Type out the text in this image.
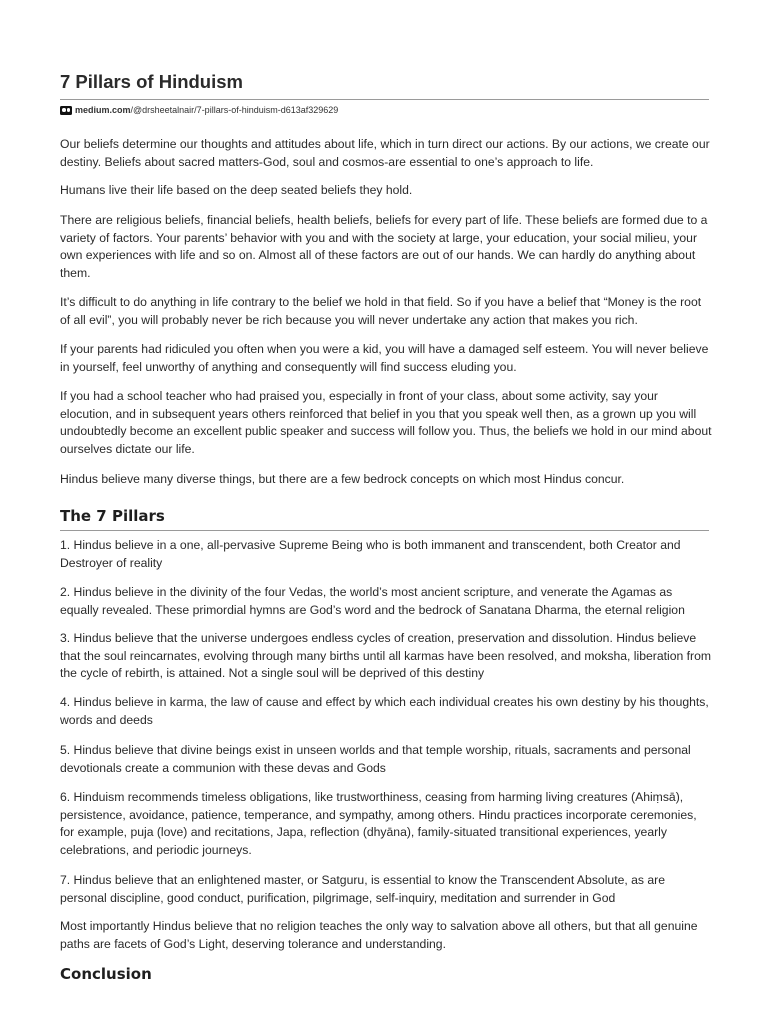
7 Pillars of Hinduism
medium.com /@drsheetalnair/7-pillars-of-hinduism-d613af329629

Our beliefs determine our thoughts and attitudes about life, which in turn direct our actions. By our actions, we create our destiny. Beliefs about sacred matters-God, soul and cosmos-are essential to one’s approach to life.

Humans live their life based on the deep seated beliefs they hold.

There are religious beliefs, financial beliefs, health beliefs, beliefs for every part of life. These beliefs are formed due to a variety of factors. Your parents’ behavior with you and with the society at large, your education, your social milieu, your own experiences with life and so on. Almost all of these factors are out of our hands. We can hardly do anything about them.

It’s difficult to do anything in life contrary to the belief we hold in that field. So if you have a belief that “Money is the root of all evil”, you will probably never be rich because you will never undertake any action that makes you rich.

If your parents had ridiculed you often when you were a kid, you will have a damaged self esteem. You will never believe in yourself, feel unworthy of anything and consequently will find success eluding you.

If you had a school teacher who had praised you, especially in front of your class, about some activity, say your elocution, and in subsequent years others reinforced that belief in you that you speak well then, as a grown up you will undoubtedly become an excellent public speaker and success will follow you. Thus, the beliefs we hold in our mind about ourselves dictate our life.

Hindus believe many diverse things, but there are a few bedrock concepts on which most Hindus concur.

The 7 Pillars

1. Hindus believe in a one, all-pervasive Supreme Being who is both immanent and transcendent, both Creator and Destroyer of reality

2. Hindus believe in the divinity of the four Vedas, the world’s most ancient scripture, and venerate the Agamas as equally revealed. These primordial hymns are God’s word and the bedrock of Sanatana Dharma, the eternal religion

3. Hindus believe that the universe undergoes endless cycles of creation, preservation and dissolution. Hindus believe that the soul reincarnates, evolving through many births until all karmas have been resolved, and moksha, liberation from the cycle of rebirth, is attained. Not a single soul will be deprived of this destiny

4. Hindus believe in karma, the law of cause and effect by which each individual creates his own destiny by his thoughts, words and deeds

5. Hindus believe that divine beings exist in unseen worlds and that temple worship, rituals, sacraments and personal devotionals create a communion with these devas and Gods

6. Hinduism recommends timeless obligations, like trustworthiness, ceasing from harming living creatures (Ahiṃsā), persistence, avoidance, patience, temperance, and sympathy, among others. Hindu practices incorporate ceremonies, for example, puja (love) and recitations, Japa, reflection (dhyāna), family-situated transitional experiences, yearly celebrations, and periodic journeys.

7. Hindus believe that an enlightened master, or Satguru, is essential to know the Transcendent Absolute, as are personal discipline, good conduct, purification, pilgrimage, self-inquiry, meditation and surrender in God

Most importantly Hindus believe that no religion teaches the only way to salvation above all others, but that all genuine paths are facets of God’s Light, deserving tolerance and understanding.

Conclusion
